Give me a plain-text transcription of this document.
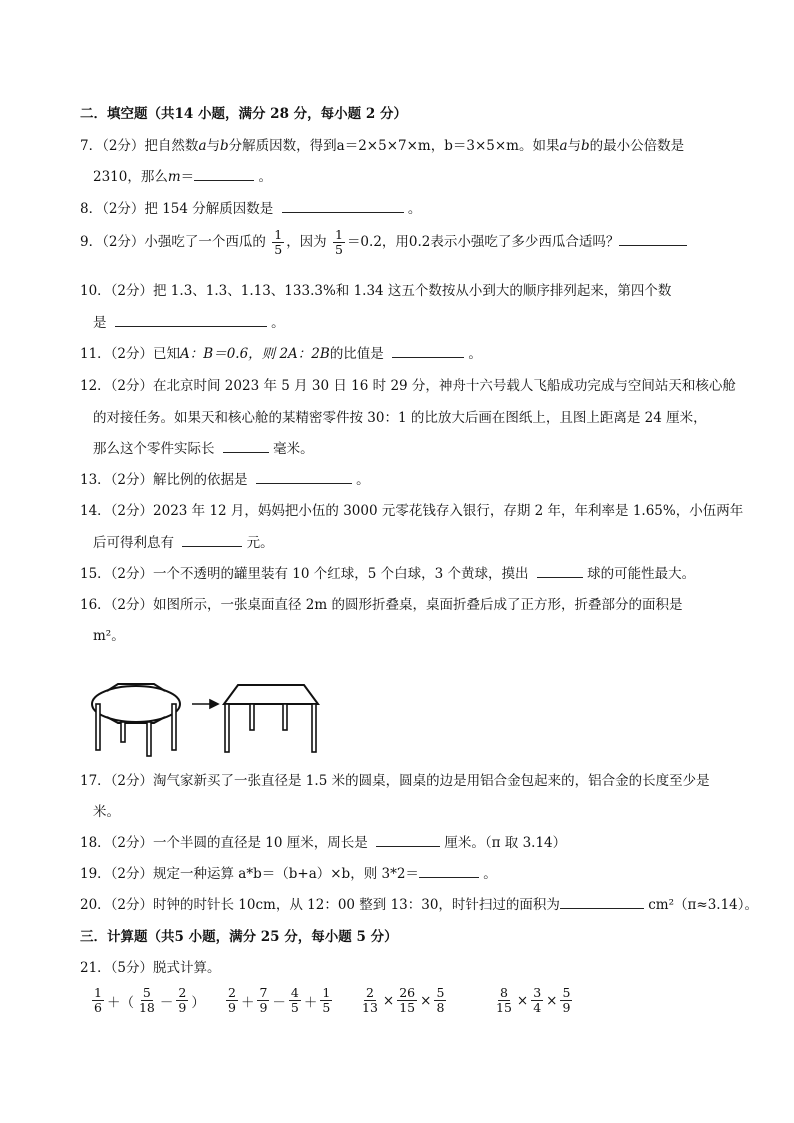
二．填空题（共14 小题，满分 28 分，每小题 2 分）
7．（2分）把自然数a与b分解质因数，得到a＝2×5×7×m，b＝3×5×m。如果a与b的最小公倍数是
2310，那么m＝	。
8．（2分）把 154 分解质因数是	。
9．（2分）小强吃了一个西瓜的 $\frac{1}{5}$ ，因为 $\frac{1}{5} =0.2$，用0.2表示小强吃了多少西瓜合适吗？
10．（2分）把 1.3、1.3、1.13、133.3%和 1.34 这五个数按从小到大的顺序排列起来，第四个数
是	。
11．（2分）已知A：B＝0.6，则 2A：2B的比值是	。
12．（2分）在北京时间 2023 年 5 月 30 日 16 时 29 分，神舟十六号载人飞船成功完成与空间站天和核心舱
的对接任务。如果天和核心舱的某精密零件按 30：1 的比放大后画在图纸上，且图上距离是 24 厘米，
那么这个零件实际长	毫米。
13．（2分）解比例的依据是	。
14．（2分）2023 年 12 月，妈妈把小伍的 3000 元零花钱存入银行，存期 2 年，年利率是 1.65%，小伍两年
后可得利息有	元。
15．（2分）一个不透明的罐里装有 10 个红球，5 个白球，3 个黄球，摸出	球的可能性最大。
16．（2分）如图所示，一张桌面直径 2m 的圆形折叠桌，桌面折叠后成了正方形，折叠部分的面积是
m²。
17．（2分）淘气家新买了一张直径是 1.5 米的圆桌，圆桌的边是用铝合金包起来的，铝合金的长度至少是
米。
18．（2分）一个半圆的直径是 10 厘米，周长是	厘米。（π 取 3.14）
19．（2分）规定一种运算 a*b＝（b+a）×b，则 3*2＝	。
20．（2分）时钟的时针长 10cm，从 12：00 整到 13：30，时针扫过的面积为	cm²（π≈3.14）。
三．计算题（共5 小题，满分 25 分，每小题 5 分）
21．（5分）脱式计算。
$\frac{1}{6}$ ＋（ $\frac{5}{18} - \frac{2}{9}$ ） $\frac{2}{9} + \frac{7}{9} - \frac{4}{5} + \frac{1}{5} \frac{2}{13} \times \frac{26}{15} \times \frac{5}{8}$	$\frac{8}{15} \times \frac{3}{4} \times \frac{5}{9}$
